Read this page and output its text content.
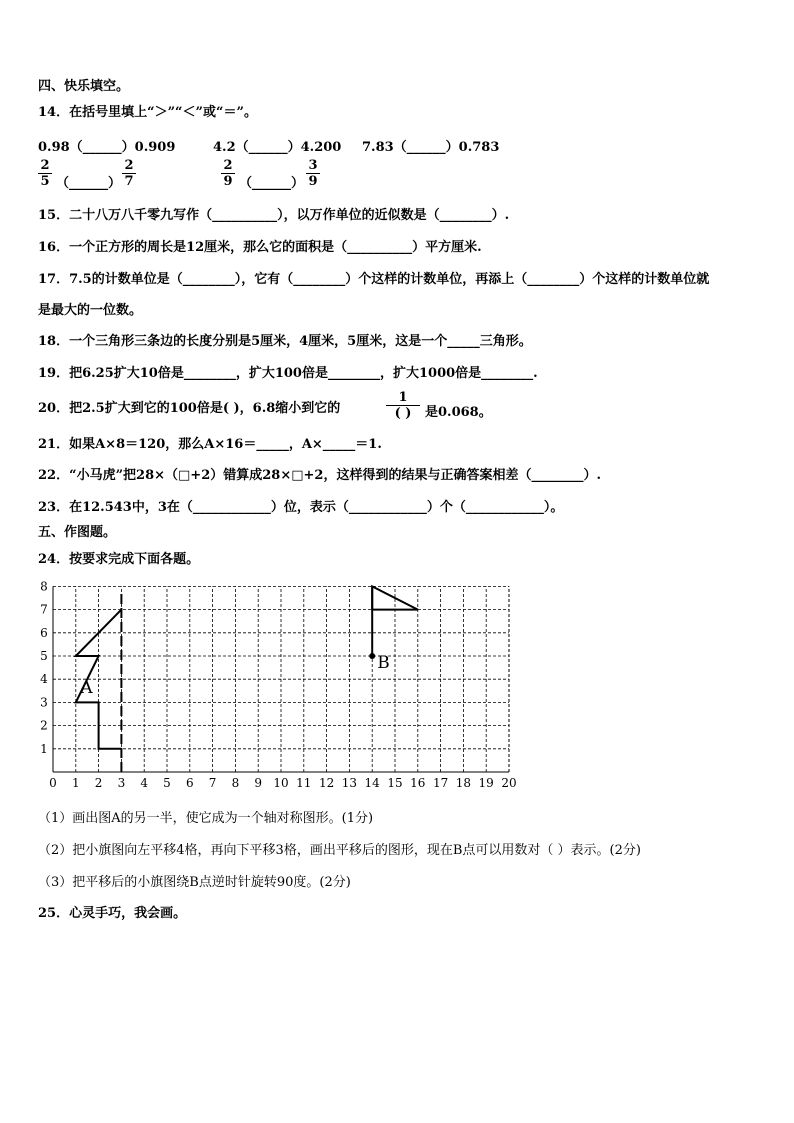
四、快乐填空。
14．在括号里填上“＞”“＜”或“＝”。
0.98（______）0.909	4.2（______）4.200 7.83（______）0.783
2
5 （______）
2
7
2
9 （______）
3
9
15．二十八万八千零九写作（__________），以万作单位的近似数是（________）.
16．一个正方形的周长是12厘米，那么它的面积是（__________）平方厘米.
17．7.5的计数单位是（________），它有（________）个这样的计数单位，再添上（________）个这样的计数单位就
是最大的一位数。
18．一个三角形三条边的长度分别是5厘米，4厘米，5厘米，这是一个_____三角形。
19．把6.25扩大10倍是________，扩大100倍是________，扩大1000倍是________.
20．把2.5扩大到它的100倍是( )，6.8缩小到它的
1
( )	是0.068。
21．如果A×8＝120，那么A×16＝_____，A×_____＝1.
22．“小马虎”把28×（□+2）错算成28×□+2，这样得到的结果与正确答案相差（________）.
23．在12.543中，3在（____________）位，表示（____________）个（____________）。
五、作图题。
24．按要求完成下面各题。
0 1 2 3 4 5 6 7 8 9 10 11 12 13 14 15 16 17 18 19 20
1
2
3
4
5
6
7
8
A
B
（1）画出图A的另一半，使它成为一个轴对称图形。(1分)
（2）把小旗图向左平移4格，再向下平移3格，画出平移后的图形，现在B点可以用数对（ ）表示。(2分)
（3）把平移后的小旗图绕B点逆时针旋转90度。(2分)
25．心灵手巧，我会画。
